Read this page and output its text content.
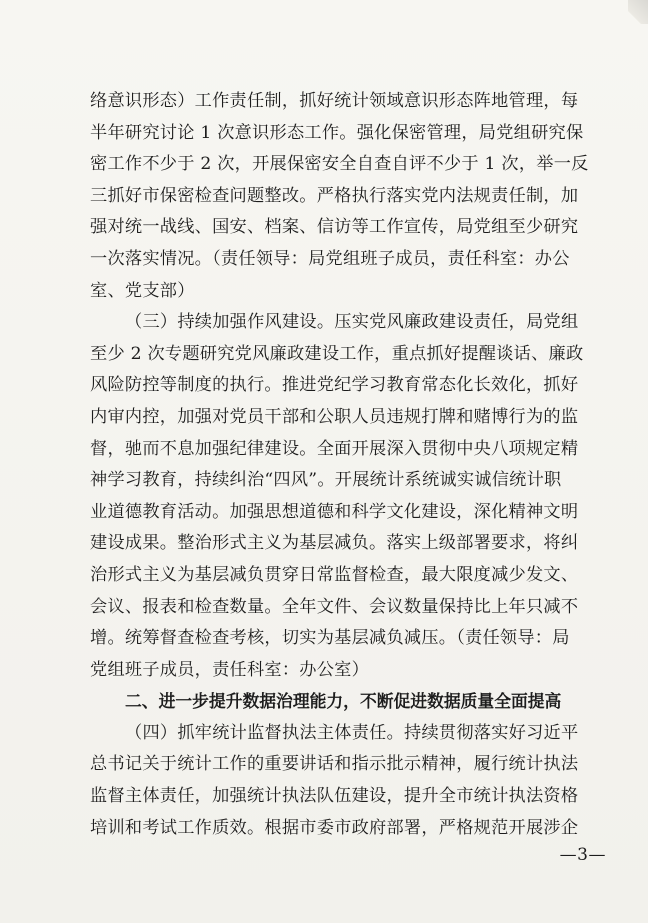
络意识形态）工作责任制，抓好统计领域意识形态阵地管理，每
半年研究讨论 1 次意识形态工作。强化保密管理，局党组研究保
密工作不少于 2 次，开展保密安全自查自评不少于 1 次，举一反
三抓好市保密检查问题整改。严格执行落实党内法规责任制，加
强对统一战线、国安、档案、信访等工作宣传，局党组至少研究
一次落实情况。（责任领导：局党组班子成员，责任科室：办公
室、党支部）
（三）持续加强作风建设。压实党风廉政建设责任，局党组
至少 2 次专题研究党风廉政建设工作，重点抓好提醒谈话、廉政
风险防控等制度的执行。推进党纪学习教育常态化长效化，抓好
内审内控，加强对党员干部和公职人员违规打牌和赌博行为的监
督，驰而不息加强纪律建设。全面开展深入贯彻中央八项规定精
神学习教育，持续纠治“四风”。开展统计系统诚实诚信统计职
业道德教育活动。加强思想道德和科学文化建设，深化精神文明
建设成果。整治形式主义为基层减负。落实上级部署要求，将纠
治形式主义为基层减负贯穿日常监督检查，最大限度减少发文、
会议、报表和检查数量。全年文件、会议数量保持比上年只减不
增。统筹督查检查考核，切实为基层减负减压。（责任领导：局
党组班子成员，责任科室：办公室）
二、进一步提升数据治理能力，不断促进数据质量全面提高
（四）抓牢统计监督执法主体责任。持续贯彻落实好习近平
总书记关于统计工作的重要讲话和指示批示精神，履行统计执法
监督主体责任，加强统计执法队伍建设，提升全市统计执法资格
培训和考试工作质效。根据市委市政府部署，严格规范开展涉企
—3—
